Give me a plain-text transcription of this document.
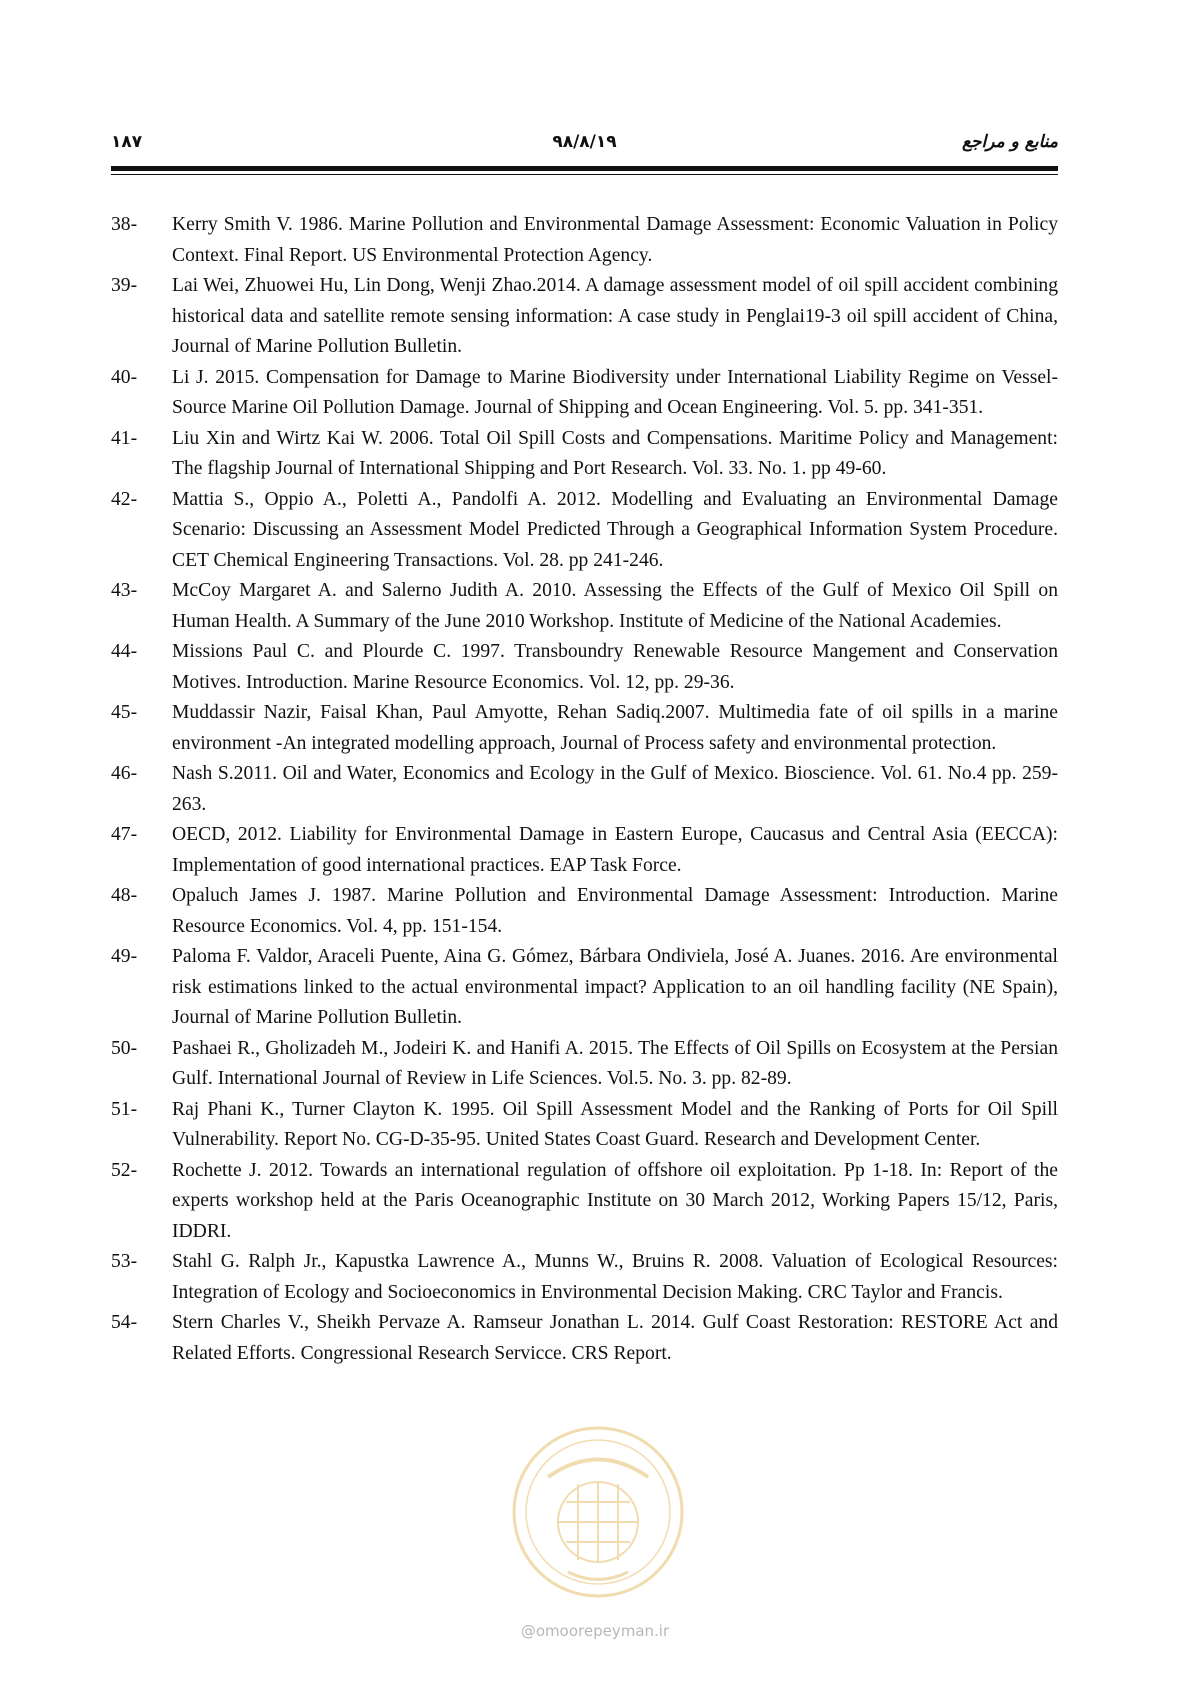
۱۸۷	۹۸/۸/۱۹	منابع و مراجع
38-	Kerry Smith V. 1986. Marine Pollution and Environmental Damage Assessment: Economic Valuation in Policy Context. Final Report. US Environmental Protection Agency.
39-	Lai Wei, Zhuowei Hu, Lin Dong, Wenji Zhao.2014. A damage assessment model of oil spill accident combining historical data and satellite remote sensing information: A case study in Penglai19-3 oil spill accident of China, Journal of Marine Pollution Bulletin.
40-	Li J. 2015. Compensation for Damage to Marine Biodiversity under International Liability Regime on Vessel-Source Marine Oil Pollution Damage. Journal of Shipping and Ocean Engineering. Vol. 5. pp. 341-351.
41-	Liu Xin and Wirtz Kai W. 2006. Total Oil Spill Costs and Compensations. Maritime Policy and Management: The flagship Journal of International Shipping and Port Research. Vol. 33. No. 1. pp 49-60.
42-	Mattia S., Oppio A., Poletti A., Pandolfi A. 2012. Modelling and Evaluating an Environmental Damage Scenario: Discussing an Assessment Model Predicted Through a Geographical Information System Procedure. CET Chemical Engineering Transactions. Vol. 28. pp 241-246.
43-	McCoy Margaret A. and Salerno Judith A. 2010. Assessing the Effects of the Gulf of Mexico Oil Spill on Human Health. A Summary of the June 2010 Workshop. Institute of Medicine of the National Academies.
44-	Missions Paul C. and Plourde C. 1997. Transboundry Renewable Resource Mangement and Conservation Motives. Introduction. Marine Resource Economics. Vol. 12, pp. 29-36.
45-	Muddassir Nazir, Faisal Khan, Paul Amyotte, Rehan Sadiq.2007. Multimedia fate of oil spills in a marine environment -An integrated modelling approach, Journal of Process safety and environmental protection.
46-	Nash S.2011. Oil and Water, Economics and Ecology in the Gulf of Mexico. Bioscience. Vol. 61. No.4 pp. 259-263.
47-	OECD, 2012. Liability for Environmental Damage in Eastern Europe, Caucasus and Central Asia (EECCA): Implementation of good international practices. EAP Task Force.
48-	Opaluch James J. 1987. Marine Pollution and Environmental Damage Assessment: Introduction. Marine Resource Economics. Vol. 4, pp. 151-154.
49-	Paloma F. Valdor, Araceli Puente, Aina G. Gómez, Bárbara Ondiviela, José A. Juanes. 2016. Are environmental risk estimations linked to the actual environmental impact? Application to an oil handling facility (NE Spain), Journal of Marine Pollution Bulletin.
50-	Pashaei R., Gholizadeh M., Jodeiri K. and Hanifi A. 2015. The Effects of Oil Spills on Ecosystem at the Persian Gulf. International Journal of Review in Life Sciences. Vol.5. No. 3. pp. 82-89.
51-	Raj Phani K., Turner Clayton K. 1995. Oil Spill Assessment Model and the Ranking of Ports for Oil Spill Vulnerability. Report No. CG-D-35-95. United States Coast Guard. Research and Development Center.
52-	Rochette J. 2012. Towards an international regulation of offshore oil exploitation. Pp 1-18. In: Report of the experts workshop held at the Paris Oceanographic Institute on 30 March 2012, Working Papers 15/12, Paris, IDDRI.
53-	Stahl G. Ralph Jr., Kapustka Lawrence A., Munns W., Bruins R. 2008. Valuation of Ecological Resources: Integration of Ecology and Socioeconomics in Environmental Decision Making. CRC Taylor and Francis.
54-	Stern Charles V., Sheikh Pervaze A. Ramseur Jonathan L. 2014. Gulf Coast Restoration: RESTORE Act and Related Efforts. Congressional Research Servicce. CRS Report.
@omoorepeyman.ir
